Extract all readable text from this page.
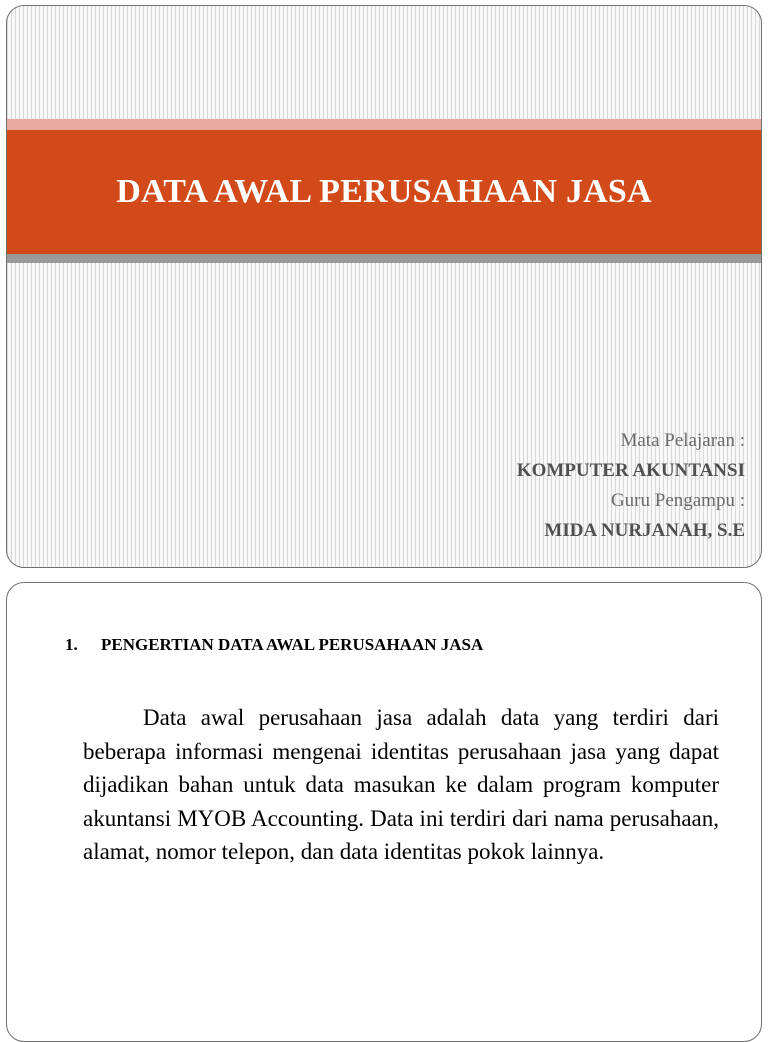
DATA AWAL PERUSAHAAN JASA
Mata Pelajaran :
KOMPUTER AKUNTANSI
Guru Pengampu :
MIDA NURJANAH, S.E
1. PENGERTIAN DATA AWAL PERUSAHAAN JASA

Data awal perusahaan jasa adalah data yang terdiri dari beberapa informasi mengenai identitas perusahaan jasa yang dapat dijadikan bahan untuk data masukan ke dalam program komputer akuntansi MYOB Accounting. Data ini terdiri dari nama perusahaan, alamat, nomor telepon, dan data identitas pokok lainnya.
